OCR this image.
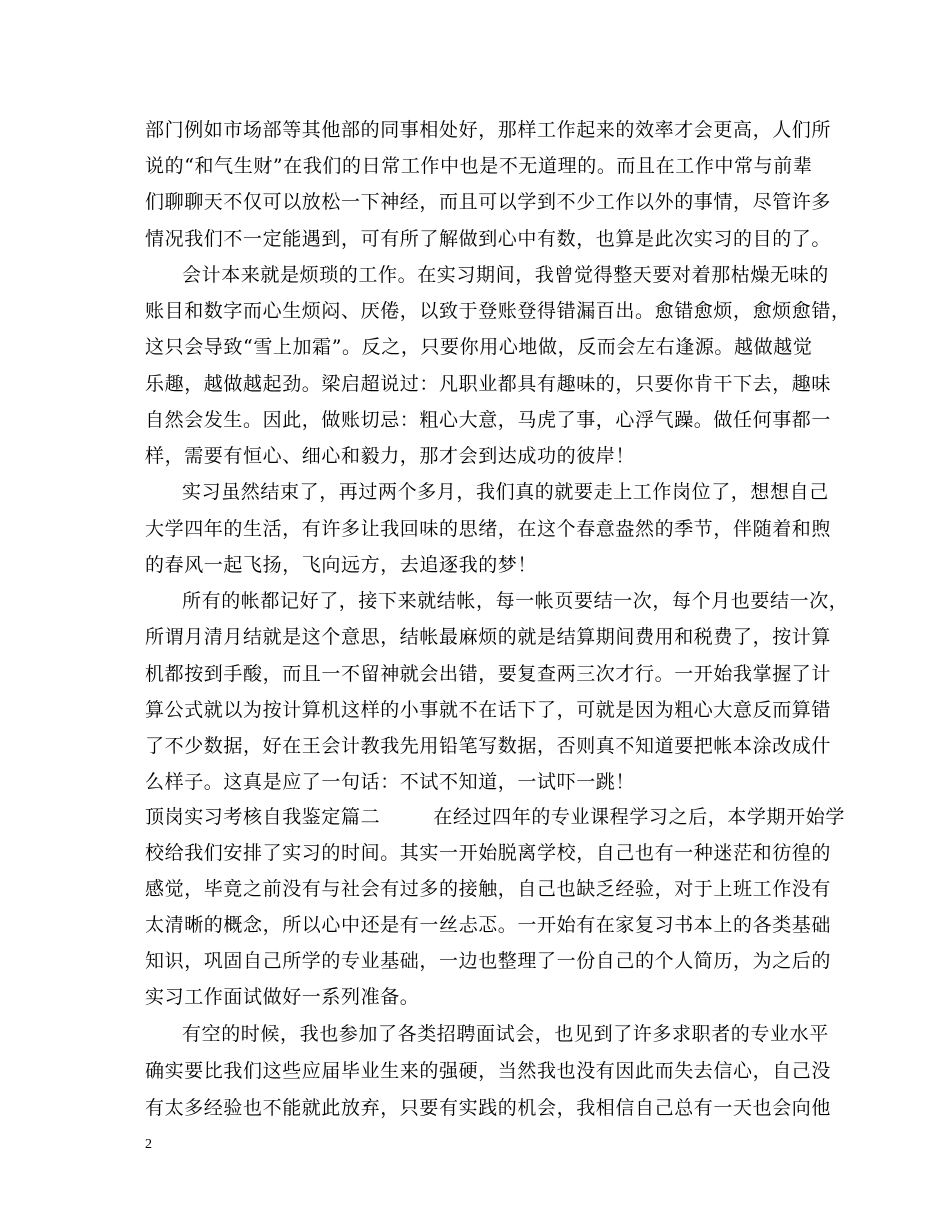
部门例如市场部等其他部的同事相处好，那样工作起来的效率才会更高，人们所
说的“和气生财”在我们的日常工作中也是不无道理的。而且在工作中常与前辈
们聊聊天不仅可以放松一下神经，而且可以学到不少工作以外的事情，尽管许多
情况我们不一定能遇到，可有所了解做到心中有数，也算是此次实习的目的了。
会计本来就是烦琐的工作。在实习期间，我曾觉得整天要对着那枯燥无味的
账目和数字而心生烦闷、厌倦，以致于登账登得错漏百出。愈错愈烦，愈烦愈错，
这只会导致“雪上加霜”。反之，只要你用心地做，反而会左右逢源。越做越觉
乐趣，越做越起劲。梁启超说过：凡职业都具有趣味的，只要你肯干下去，趣味
自然会发生。因此，做账切忌：粗心大意，马虎了事，心浮气躁。做任何事都一
样，需要有恒心、细心和毅力，那才会到达成功的彼岸！
实习虽然结束了，再过两个多月，我们真的就要走上工作岗位了，想想自己
大学四年的生活，有许多让我回味的思绪，在这个春意盎然的季节，伴随着和煦
的春风一起飞扬，飞向远方，去追逐我的梦！
所有的帐都记好了，接下来就结帐，每一帐页要结一次，每个月也要结一次，
所谓月清月结就是这个意思，结帐最麻烦的就是结算期间费用和税费了，按计算
机都按到手酸，而且一不留神就会出错，要复查两三次才行。一开始我掌握了计
算公式就以为按计算机这样的小事就不在话下了，可就是因为粗心大意反而算错
了不少数据，好在王会计教我先用铅笔写数据，否则真不知道要把帐本涂改成什
么样子。这真是应了一句话：不试不知道，一试吓一跳！
顶岗实习考核自我鉴定篇二        在经过四年的专业课程学习之后，本学期开始学
校给我们安排了实习的时间。其实一开始脱离学校，自己也有一种迷茫和彷徨的
感觉，毕竟之前没有与社会有过多的接触，自己也缺乏经验，对于上班工作没有
太清晰的概念，所以心中还是有一丝忐忑。一开始有在家复习书本上的各类基础
知识，巩固自己所学的专业基础，一边也整理了一份自己的个人简历，为之后的
实习工作面试做好一系列准备。
有空的时候，我也参加了各类招聘面试会，也见到了许多求职者的专业水平
确实要比我们这些应届毕业生来的强硬，当然我也没有因此而失去信心，自己没
有太多经验也不能就此放弃，只要有实践的机会，我相信自己总有一天也会向他
2
